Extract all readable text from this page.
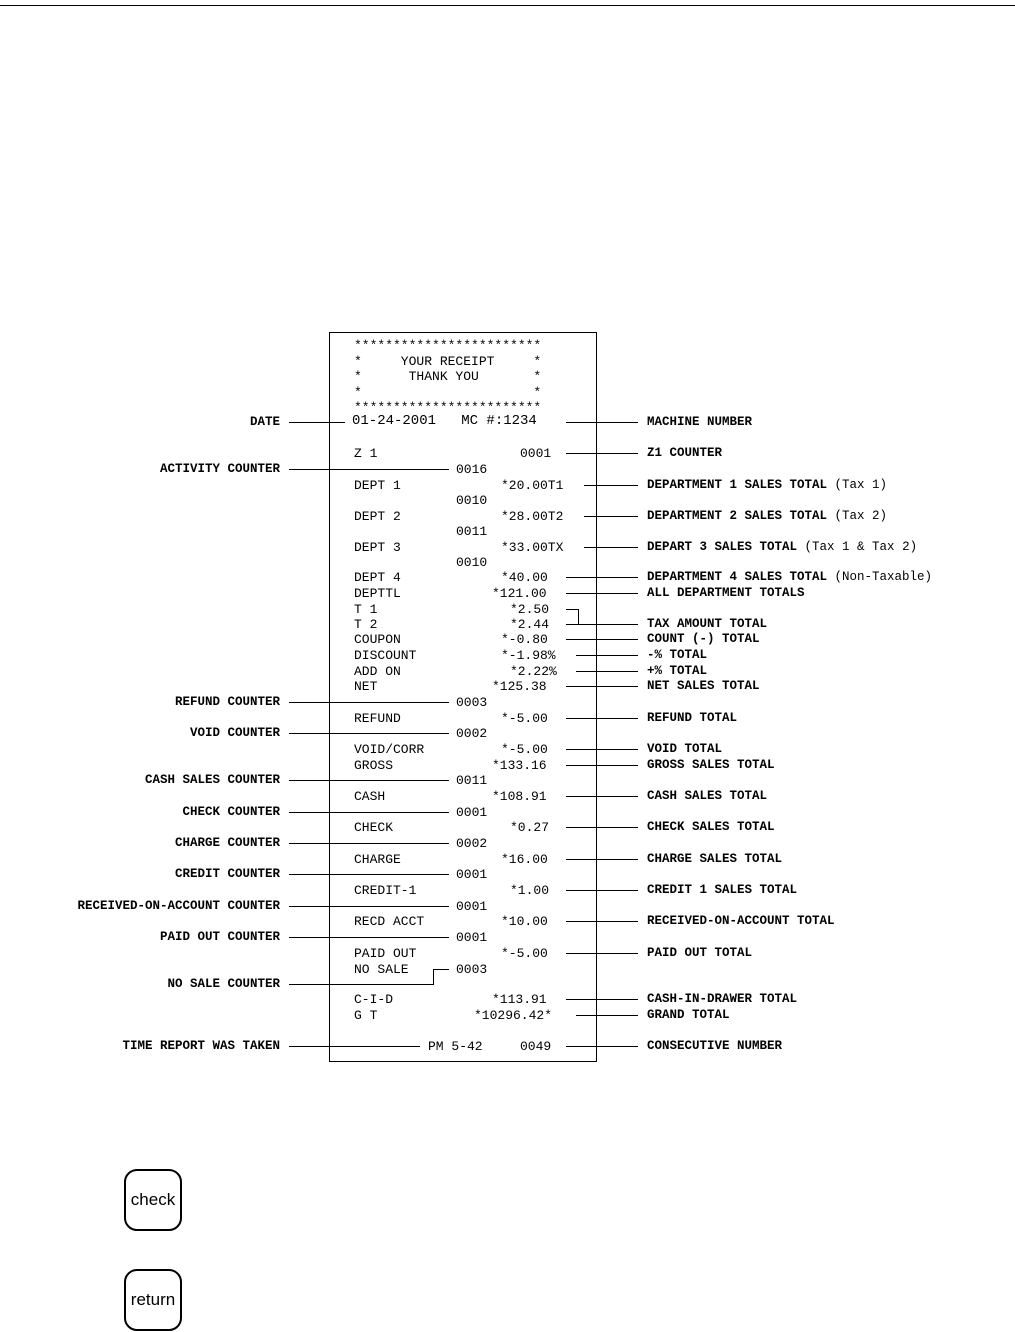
************************
*     YOUR RECEIPT     *
*      THANK YOU       *
*                      *
************************
01-24-2001   MC #:1234
Z 1	0001
0016
DEPT 1	*20.00T1
0010
DEPT 2	*28.00T2
0011
DEPT 3	*33.00TX
0010
DEPT 4	*40.00
DEPTTL	*121.00
T 1	*2.50
T 2	*2.44
COUPON	*-0.80
DISCOUNT	*-1.98%
ADD ON	*2.22%
NET	*125.38
0003
REFUND	*-5.00
0002
VOID/CORR	*-5.00
GROSS	*133.16
0011
CASH	*108.91
0001
CHECK	*0.27
0002
CHARGE	*16.00
0001
CREDIT-1	*1.00
0001
RECD ACCT	*10.00
0001
PAID OUT	*-5.00
NO SALE	0003
C-I-D	*113.91
G T	*10296.42*
PM 5-42	0049
DATE
ACTIVITY COUNTER
REFUND COUNTER
VOID COUNTER
CASH SALES COUNTER
CHECK COUNTER
CHARGE COUNTER
CREDIT COUNTER
RECEIVED-ON-ACCOUNT COUNTER
PAID OUT COUNTER
NO SALE COUNTER
TIME REPORT WAS TAKEN
MACHINE NUMBER
Z1 COUNTER
DEPARTMENT 1 SALES TOTAL (Tax 1)
DEPARTMENT 2 SALES TOTAL (Tax 2)
DEPART 3 SALES TOTAL (Tax 1 & Tax 2)
DEPARTMENT 4 SALES TOTAL (Non-Taxable)
ALL DEPARTMENT TOTALS
TAX AMOUNT TOTAL
COUNT (-) TOTAL
-% TOTAL
+% TOTAL
NET SALES TOTAL
REFUND TOTAL
VOID TOTAL
GROSS SALES TOTAL
CASH SALES TOTAL
CHECK SALES TOTAL
CHARGE SALES TOTAL
CREDIT 1 SALES TOTAL
RECEIVED-ON-ACCOUNT TOTAL
PAID OUT TOTAL
CASH-IN-DRAWER TOTAL
GRAND TOTAL
CONSECUTIVE NUMBER
check
return
